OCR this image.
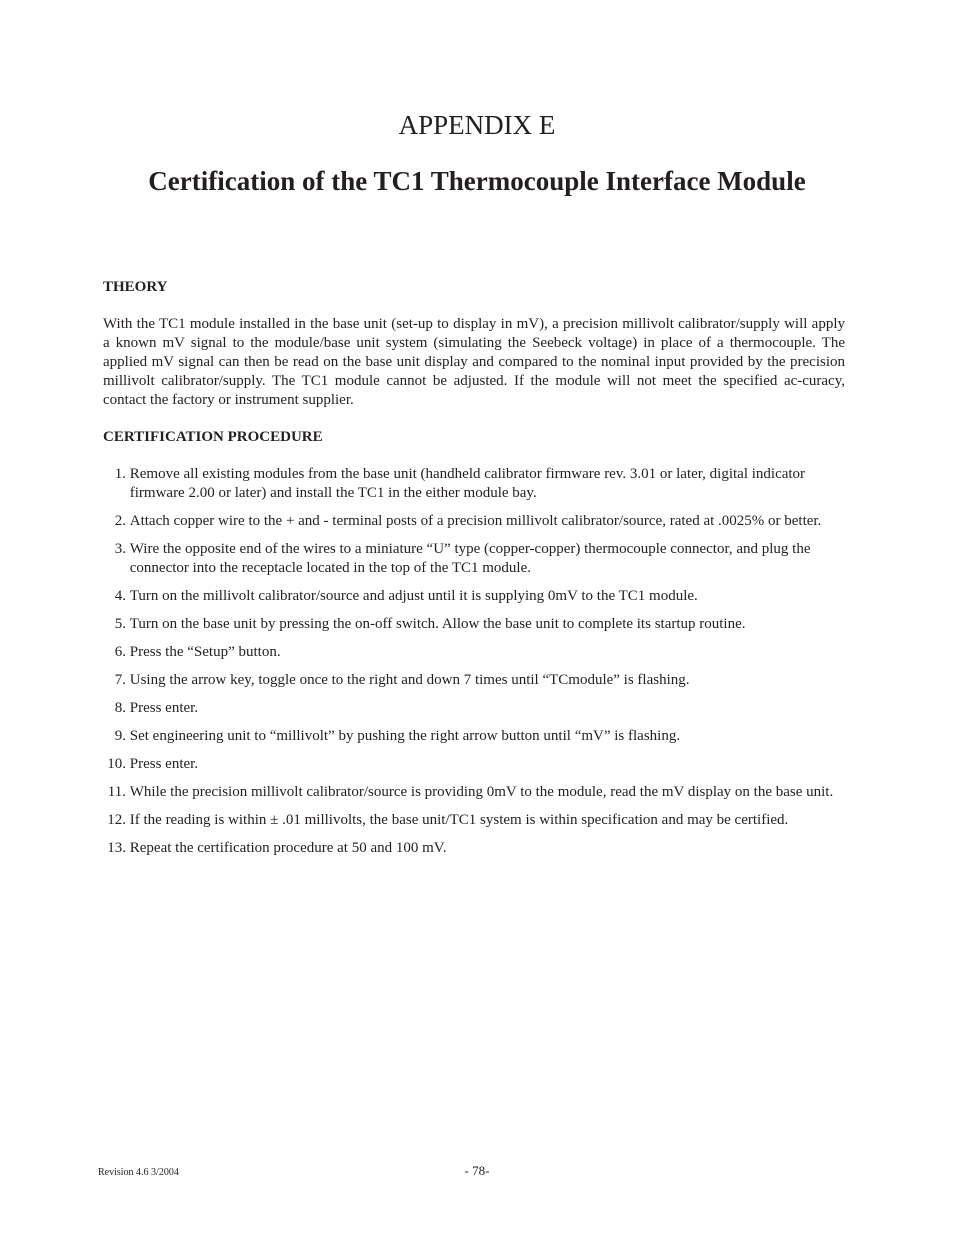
APPENDIX E
Certification of the TC1 Thermocouple Interface Module
THEORY

With the TC1 module installed in the base unit (set-up to display in mV), a precision millivolt calibrator/supply will apply a known mV signal to the module/base unit system (simulating the Seebeck voltage) in place of a thermocouple. The applied mV signal can then be read on the base unit display and compared to the nominal input provided by the precision millivolt calibrator/supply. The TC1 module cannot be adjusted. If the module will not meet the specified ac-curacy, contact the factory or instrument supplier.

CERTIFICATION PROCEDURE
1.
Remove all existing modules from the base unit (handheld calibrator firmware rev. 3.01 or later, digital indicator firmware 2.00 or later) and install the TC1 in the either module bay.
2.
Attach copper wire to the + and - terminal posts of a precision millivolt calibrator/source, rated at .0025% or better.
3.
Wire the opposite end of the wires to a miniature “U” type (copper-copper) thermocouple connector, and plug the connector into the receptacle located in the top of the TC1 module.
4.
Turn on the millivolt calibrator/source and adjust until it is supplying 0mV to the TC1 module.
5.
Turn on the base unit by pressing the on-off switch. Allow the base unit to complete its startup routine.
6.
Press the “Setup” button.
7.
Using the arrow key, toggle once to the right and down 7 times until “TCmodule” is flashing.
8.
Press enter.
9.
Set engineering unit to “millivolt” by pushing the right arrow button until “mV” is flashing.
10.
Press enter.
11.
While the precision millivolt calibrator/source is providing 0mV to the module, read the mV display on the base unit.
12.
If the reading is within ± .01 millivolts, the base unit/TC1 system is within specification and may be certified.
13.
Repeat the certification procedure at 50 and 100 mV.

Revision 4.6 3/2004	- 78-
